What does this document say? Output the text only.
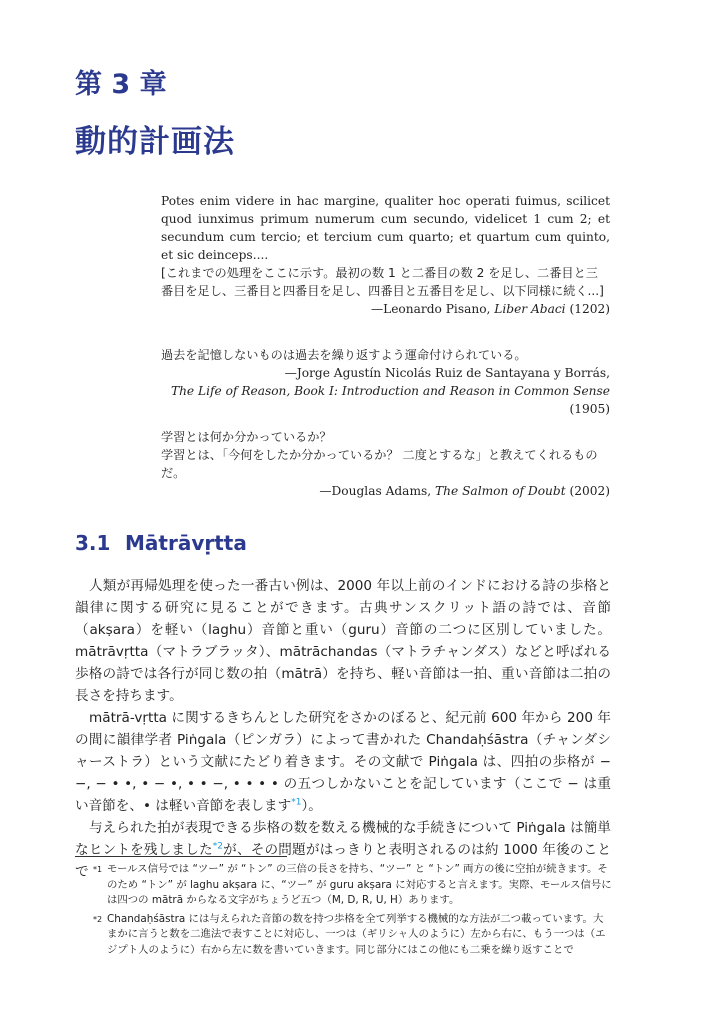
第 3 章
動的計画法

Potes enim videre in hac margine, qualiter hoc operati fuimus, scilicet quod iunximus primum numerum cum secundo, videlicet 1 cum 2; et secundum cum tercio; et tercium cum quarto; et quartum cum quinto, et sic deinceps....

[これまでの処理をここに示す。最初の数 1 と二番目の数 2 を足し、二番目と三番目を足し、三番目と四番目を足し、四番目と五番目を足し、以下同様に続く...]

—Leonardo Pisano, Liber Abaci (1202)

過去を記憶しないものは過去を繰り返すよう運命付けられている。

—Jorge Agustín Nicolás Ruiz de Santayana y Borrás,

The Life of Reason, Book I: Introduction and Reason in Common Sense (1905)

学習とは何か分かっているか？

学習とは、「今何をしたか分かっているか？ 二度とするな」と教えてくれるものだ。

—Douglas Adams, The Salmon of Doubt (2002)

3.1 Mātrāvṛtta

人類が再帰処理を使った一番古い例は、2000 年以上前のインドにおける詩の歩格と韻律に関する研究に見ることができます。古典サンスクリット語の詩では、音節（akṣara）を軽い（laghu）音節と重い（guru）音節の二つに区別していました。mātrāvṛtta（マトラブラッタ）、mātrāchandas（マトラチャンダス）などと呼ばれる歩格の詩では各行が同じ数の拍（mātrā）を持ち、軽い音節は一拍、重い音節は二拍の長さを持ちます。

mātrā-vṛtta に関するきちんとした研究をさかのぼると、紀元前 600 年から 200 年の間に韻律学者 Piṅgala（ピンガラ）によって書かれた Chandaḥśāstra（チャンダシャーストラ）という文献にたどり着きます。その文献で Piṅgala は、四拍の歩格が − −, − • •, • − •, • • −, • • • • の五つしかないことを記しています（ここで − は重い音節を、• は軽い音節を表します$^{*1}$）。

与えられた拍が表現できる歩格の数を数える機械的な手続きについて Piṅgala は簡単なヒントを残しました$^{*2}$が、その問題がはっきりと表明されるのは約 1000 年後のことで *1 モールス信号では “ツー” が “トン” の三倍の長さを持ち、“ツー” と “トン” 両方の後に空拍が続きます。そのため “トン” が laghu akṣara に、“ツー” が guru akṣara に対応すると言えます。実際、モールス信号には四つの mātrā からなる文字がちょうど五つ（M, D, R, U, H）あります。

*2 Chandaḥśāstra には与えられた音節の数を持つ歩格を全て列挙する機械的な方法が二つ載っています。大まかに言うと数を二進法で表すことに対応し、一つは（ギリシャ人のように）左から右に、もう一つは（エジプト人のように）右から左に数を書いていきます。同じ部分にはこの他にも二乗を繰り返すことで
